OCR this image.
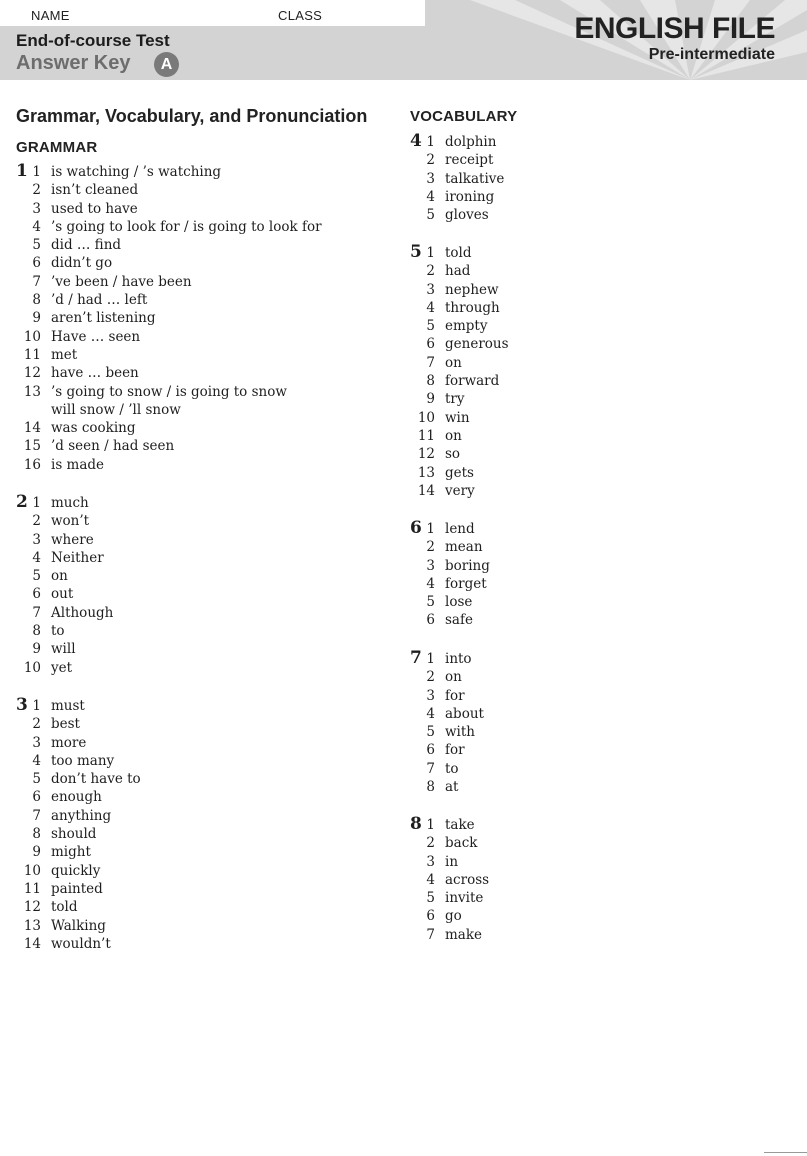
NAME	CLASS
End-of-course Test
Answer Key	A
ENGLISH FILE
Pre-intermediate
Grammar, Vocabulary, and Pronunciation
GRAMMAR
1 1 is watching / ’s watching
2 isn’t cleaned
3 used to have
4 ’s going to look for / is going to look for
5 did … find
6 didn’t go
7 ’ve been / have been
8 ’d / had … left
9 aren’t listening
10 Have … seen
11 met
12 have … been
13 ’s going to snow / is going to snow
will snow / ’ll snow
14 was cooking
15 ’d seen / had seen
16 is made
2 1 much
2 won’t
3 where
4 Neither
5 on
6 out
7 Although
8 to
9 will
10 yet
3 1 must
2 best
3 more
4 too many
5 don’t have to
6 enough
7 anything
8 should
9 might
10 quickly
11 painted
12 told
13 Walking
14 wouldn’t
VOCABULARY
4 1 dolphin
2 receipt
3 talkative
4 ironing
5 gloves
5 1 told
2 had
3 nephew
4 through
5 empty
6 generous
7 on
8 forward
9 try
10 win
11 on
12 so
13 gets
14 very
6 1 lend
2 mean
3 boring
4 forget
5 lose
6 safe
7 1 into
2 on
3 for
4 about
5 with
6 for
7 to
8 at
8 1 take
2 back
3 in
4 across
5 invite
6 go
7 make
